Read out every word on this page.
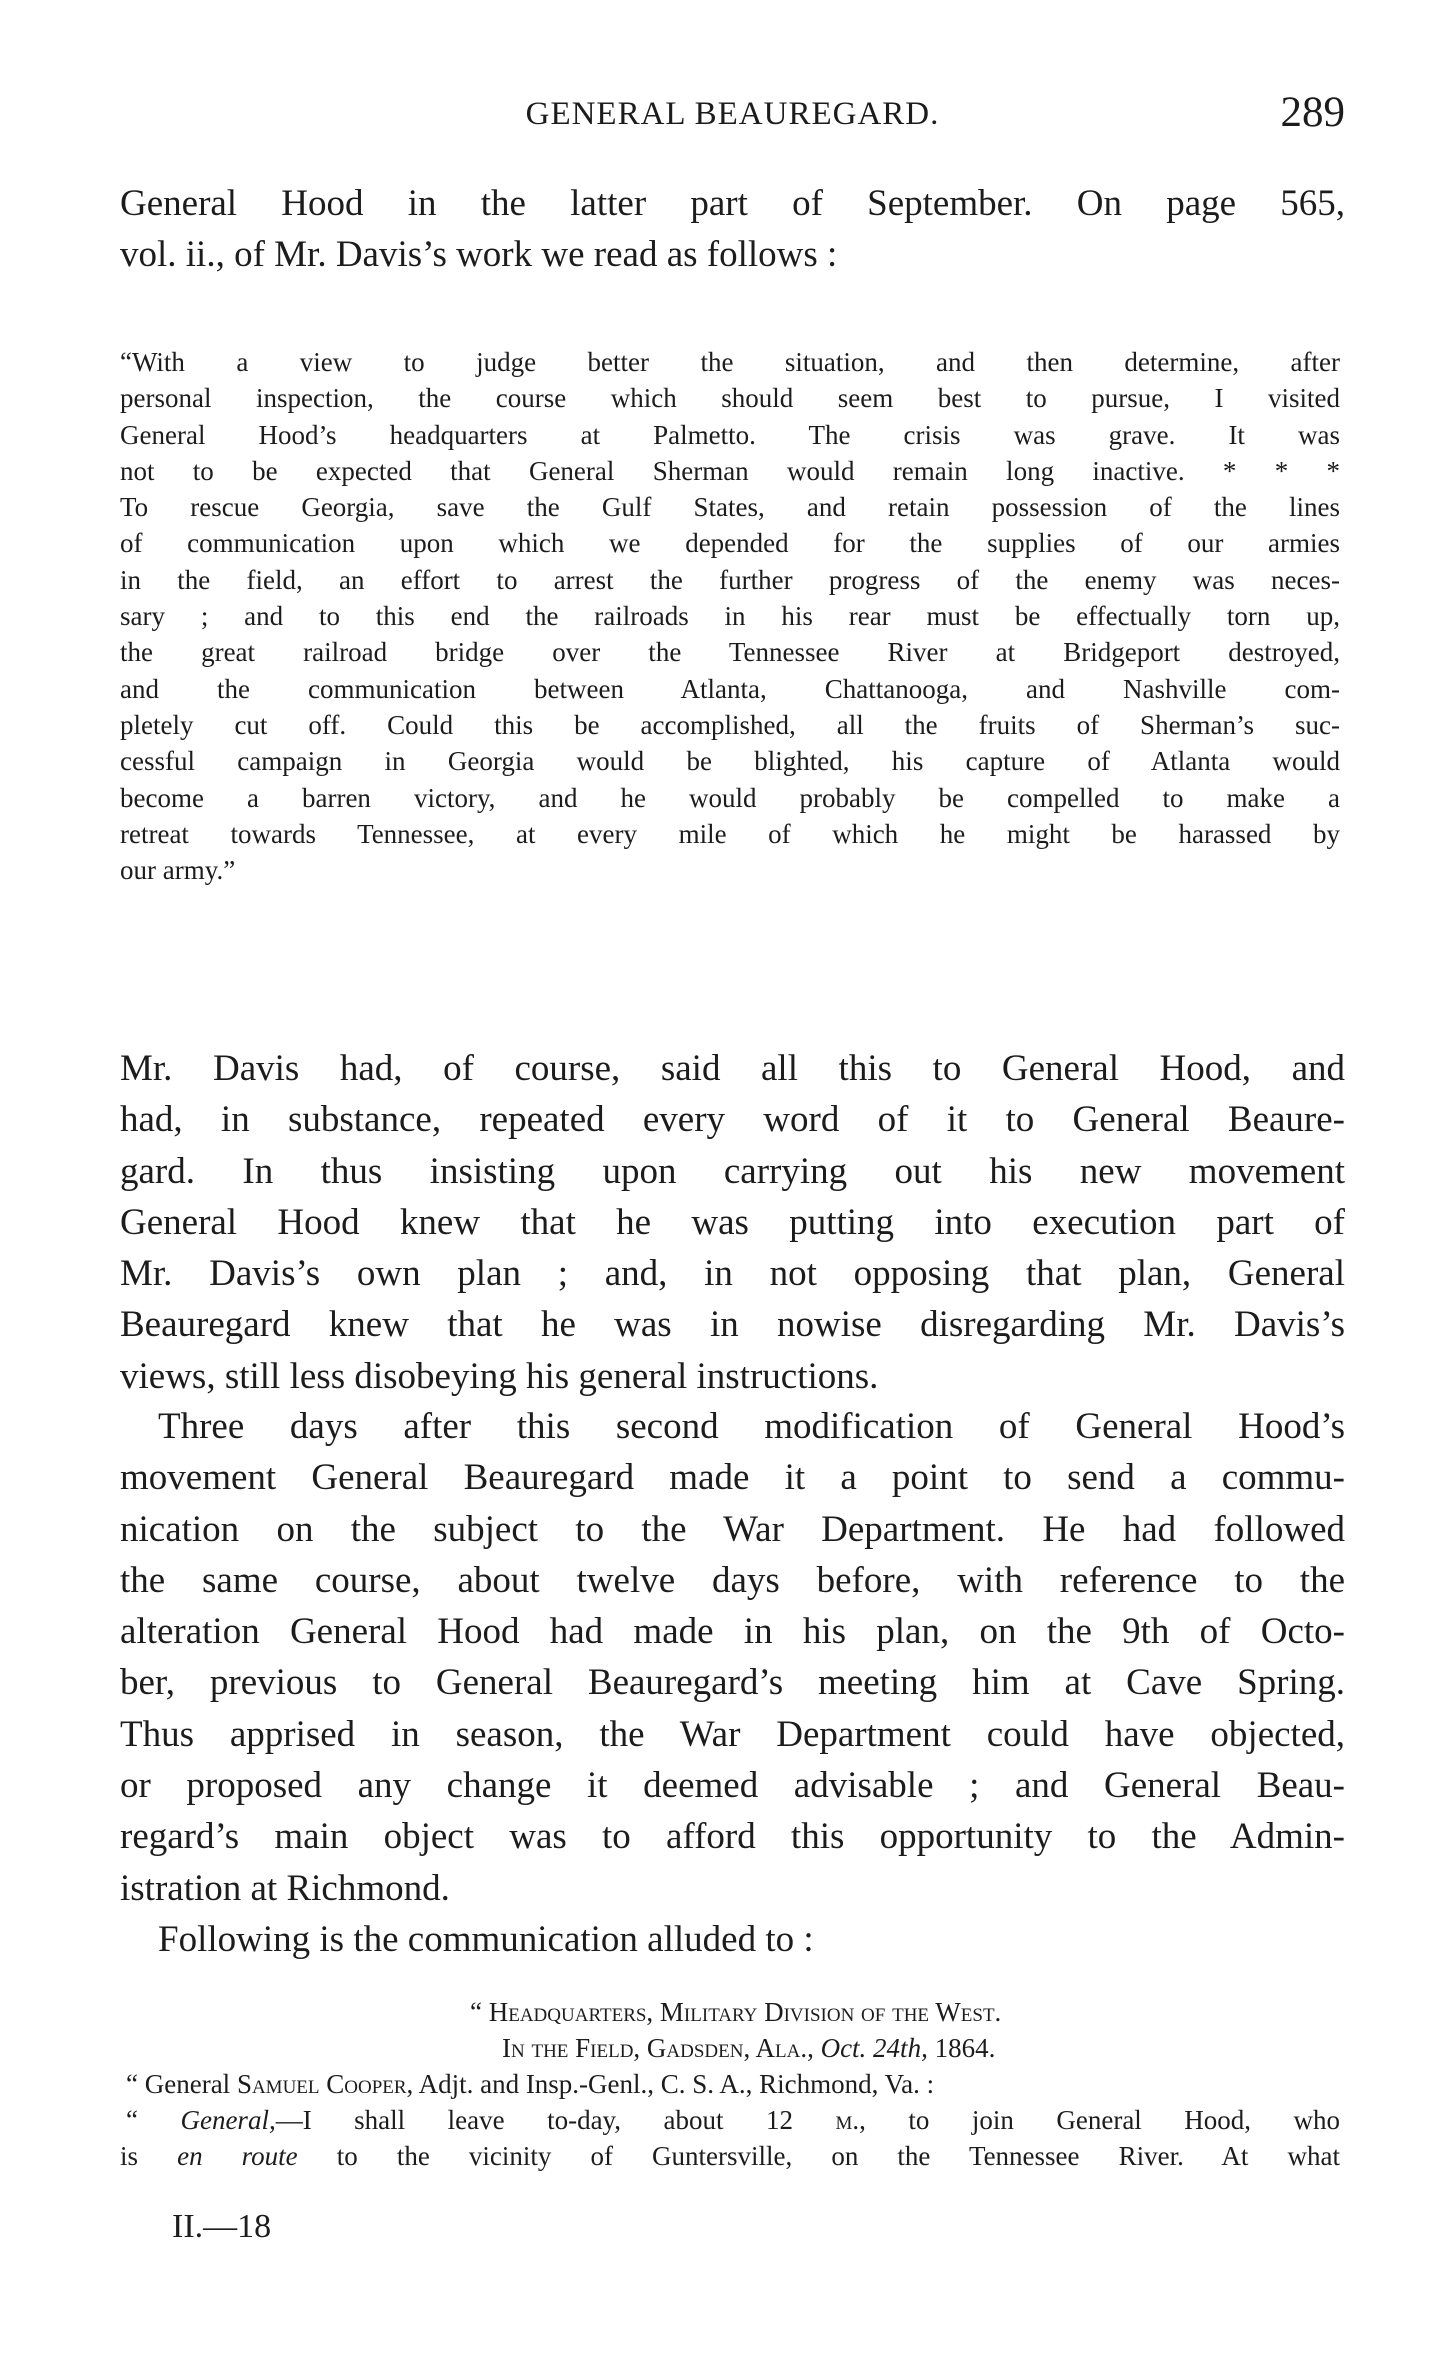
GENERAL BEAUREGARD.	289

General Hood in the latter part of September. On page 565,
vol. ii., of Mr. Davis’s work we read as follows :

“With a view to judge better the situation, and then determine, after
personal inspection, the course which should seem best to pursue, I visited
General Hood’s headquarters at Palmetto. The crisis was grave. It was
not to be expected that General Sherman would remain long inactive. * * *
To rescue Georgia, save the Gulf States, and retain possession of the lines
of communication upon which we depended for the supplies of our armies
in the field, an effort to arrest the further progress of the enemy was neces-
sary ; and to this end the railroads in his rear must be effectually torn up,
the great railroad bridge over the Tennessee River at Bridgeport destroyed,
and the communication between Atlanta, Chattanooga, and Nashville com-
pletely cut off. Could this be accomplished, all the fruits of Sherman’s suc-
cessful campaign in Georgia would be blighted, his capture of Atlanta would
become a barren victory, and he would probably be compelled to make a
retreat towards Tennessee, at every mile of which he might be harassed by
our army.”

Mr. Davis had, of course, said all this to General Hood, and
had, in substance, repeated every word of it to General Beaure-
gard. In thus insisting upon carrying out his new movement
General Hood knew that he was putting into execution part of
Mr. Davis’s own plan ; and, in not opposing that plan, General
Beauregard knew that he was in nowise disregarding Mr. Davis’s
views, still less disobeying his general instructions.

Three days after this second modification of General Hood’s
movement General Beauregard made it a point to send a commu-
nication on the subject to the War Department. He had followed
the same course, about twelve days before, with reference to the
alteration General Hood had made in his plan, on the 9th of Octo-
ber, previous to General Beauregard’s meeting him at Cave Spring.
Thus apprised in season, the War Department could have objected,
or proposed any change it deemed advisable ; and General Beau-
regard’s main object was to afford this opportunity to the Admin-
istration at Richmond.

Following is the communication alluded to :

“ Headquarters, Military Division of the West.
In the Field, Gadsden, Ala., Oct. 24th, 1864.
“ General Samuel Cooper, Adjt. and Insp.-Genl., C. S. A., Richmond, Va. :
“ General,—I shall leave to-day, about 12 m., to join General Hood, who
is en route to the vicinity of Guntersville, on the Tennessee River. At what
II.—18
